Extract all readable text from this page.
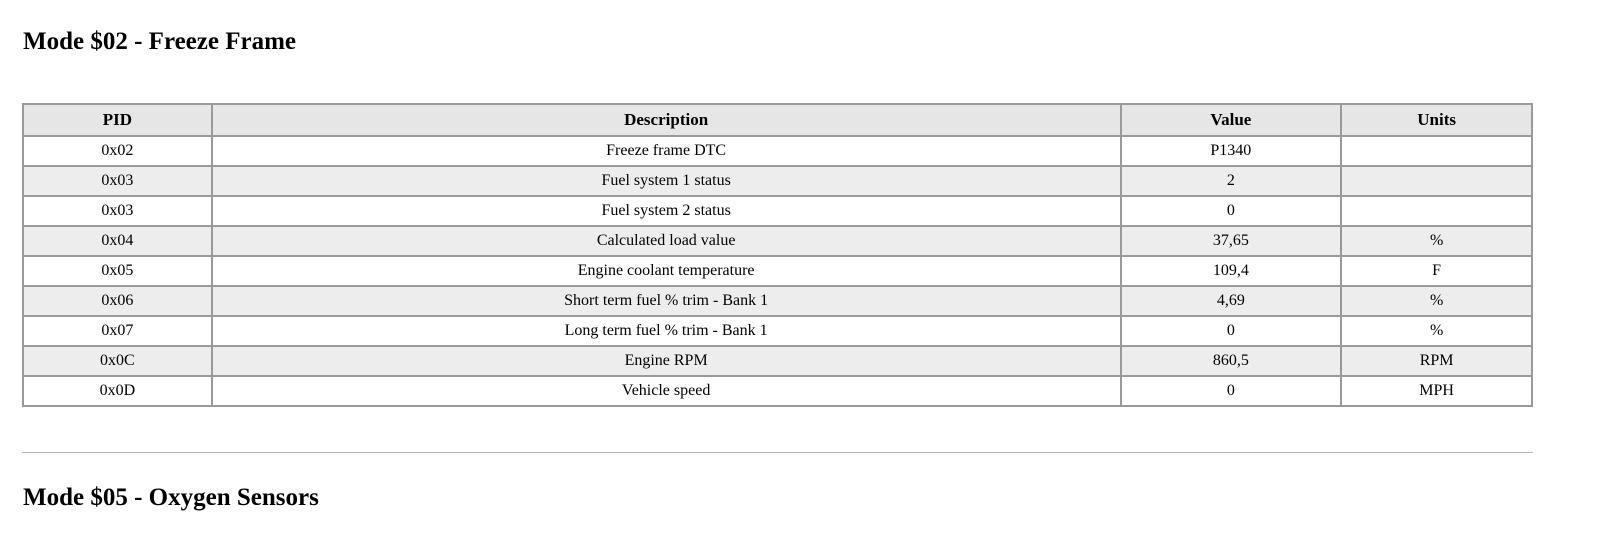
Mode $02 - Freeze Frame
PID	Description	Value	Units
0x02	Freeze frame DTC	P1340	
0x03	Fuel system 1 status	2	
0x03	Fuel system 2 status	0	
0x04	Calculated load value	37,65	%
0x05	Engine coolant temperature	109,4	F
0x06	Short term fuel % trim - Bank 1	4,69	%
0x07	Long term fuel % trim - Bank 1	0	%
0x0C	Engine RPM	860,5	RPM
0x0D	Vehicle speed	0	MPH
Mode $05 - Oxygen Sensors
